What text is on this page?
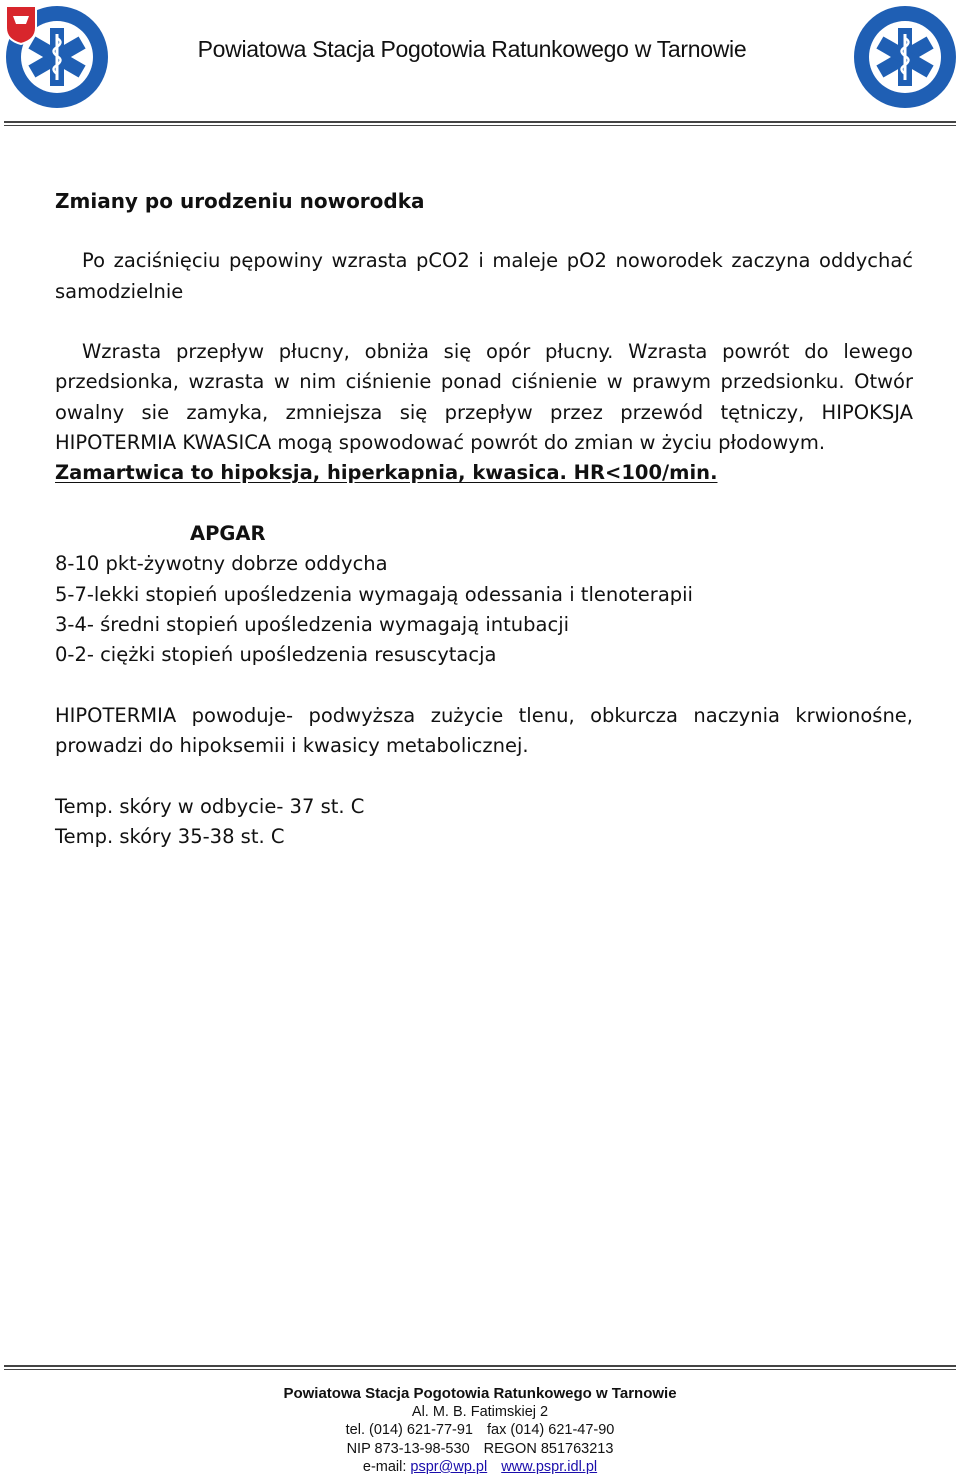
Powiatowa Stacja Pogotowia Ratunkowego w Tarnowie

Zmiany po urodzeniu noworodka

Po zaciśnięciu pępowiny wzrasta pCO2 i maleje pO2 noworodek zaczyna oddychać samodzielnie

Wzrasta przepływ płucny, obniża się opór płucny. Wzrasta powrót do lewego przedsionka, wzrasta w nim ciśnienie ponad ciśnienie w prawym przedsionku. Otwór owalny sie zamyka, zmniejsza się przepływ przez przewód tętniczy, HIPOKSJA HIPOTERMIA KWASICA mogą spowodować powrót do zmian w życiu płodowym.

Zamartwica to hipoksja, hiperkapnia, kwasica. HR<100/min.

APGAR

8-10 pkt-żywotny dobrze oddycha

5-7-lekki stopień upośledzenia wymagają odessania i tlenoterapii

3-4- średni stopień upośledzenia wymagają intubacji

0-2- ciężki stopień upośledzenia resuscytacja

HIPOTERMIA powoduje- podwyższa zużycie tlenu, obkurcza naczynia krwionośne, prowadzi do hipoksemii i kwasicy metabolicznej.

Temp. skóry w odbycie- 37 st. C

Temp. skóry 35-38 st. C

Powiatowa Stacja Pogotowia Ratunkowego w Tarnowie
Al. M. B. Fatimskiej 2
tel. (014) 621-77-91 fax (014) 621-47-90
NIP 873-13-98-530 REGON 851763213
e-mail: pspr@wp.pl www.pspr.idl.pl
